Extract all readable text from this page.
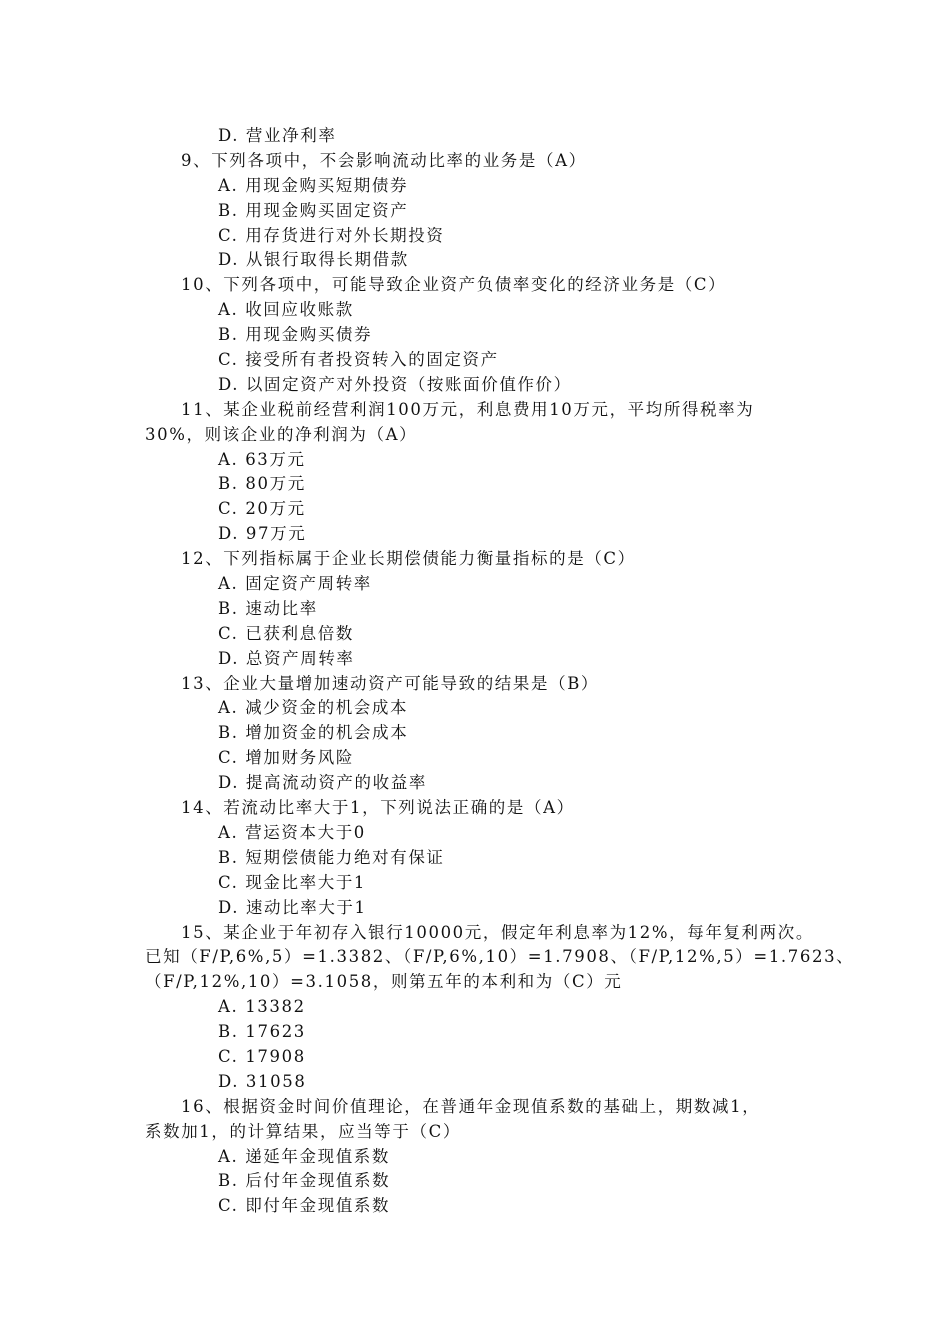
D. 营业净利率
9、下列各项中，不会影响流动比率的业务是（A）
A. 用现金购买短期债券
B. 用现金购买固定资产
C. 用存货进行对外长期投资
D. 从银行取得长期借款
10、下列各项中，可能导致企业资产负债率变化的经济业务是（C）
A. 收回应收账款
B. 用现金购买债券
C. 接受所有者投资转入的固定资产
D. 以固定资产对外投资（按账面价值作价）
11、某企业税前经营利润100万元，利息费用10万元，平均所得税率为
30%，则该企业的净利润为（A）
A. 63万元
B. 80万元
C. 20万元
D. 97万元
12、下列指标属于企业长期偿债能力衡量指标的是（C）
A. 固定资产周转率
B. 速动比率
C. 已获利息倍数
D. 总资产周转率
13、企业大量增加速动资产可能导致的结果是（B）
A. 减少资金的机会成本
B. 增加资金的机会成本
C. 增加财务风险
D. 提高流动资产的收益率
14、若流动比率大于1，下列说法正确的是（A）
A. 营运资本大于0
B. 短期偿债能力绝对有保证
C. 现金比率大于1
D. 速动比率大于1
15、某企业于年初存入银行10000元，假定年利息率为12%，每年复利两次。
已知（F/P,6%,5）=1.3382、（F/P,6%,10）=1.7908、（F/P,12%,5）=1.7623、
（F/P,12%,10）=3.1058，则第五年的本利和为（C）元
A. 13382
B. 17623
C. 17908
D. 31058
16、根据资金时间价值理论，在普通年金现值系数的基础上，期数减1，
系数加1，的计算结果，应当等于（C）
A. 递延年金现值系数
B. 后付年金现值系数
C. 即付年金现值系数
